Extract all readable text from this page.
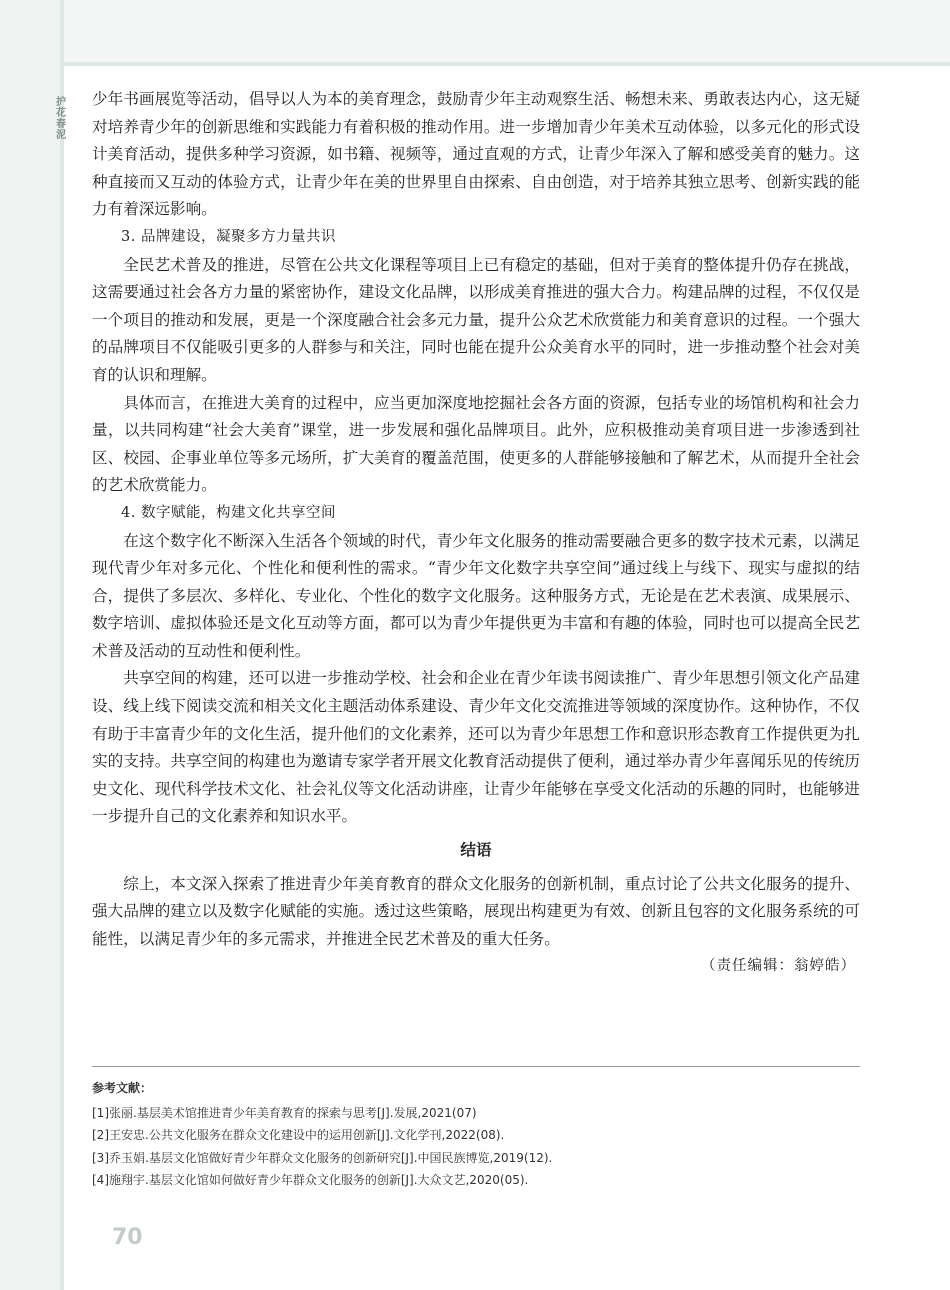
护花春泥

少年书画展览等活动，倡导以人为本的美育理念，鼓励青少年主动观察生活、畅想未来、勇敢表达内心，这无疑对培养青少年的创新思维和实践能力有着积极的推动作用。进一步增加青少年美术互动体验，以多元化的形式设计美育活动，提供多种学习资源，如书籍、视频等，通过直观的方式，让青少年深入了解和感受美育的魅力。这种直接而又互动的体验方式，让青少年在美的世界里自由探索、自由创造，对于培养其独立思考、创新实践的能力有着深远影响。

3. 品牌建设，凝聚多方力量共识

全民艺术普及的推进，尽管在公共文化课程等项目上已有稳定的基础，但对于美育的整体提升仍存在挑战，这需要通过社会各方力量的紧密协作，建设文化品牌，以形成美育推进的强大合力。构建品牌的过程，不仅仅是一个项目的推动和发展，更是一个深度融合社会多元力量，提升公众艺术欣赏能力和美育意识的过程。一个强大的品牌项目不仅能吸引更多的人群参与和关注，同时也能在提升公众美育水平的同时，进一步推动整个社会对美育的认识和理解。

具体而言，在推进大美育的过程中，应当更加深度地挖掘社会各方面的资源，包括专业的场馆机构和社会力量，以共同构建“社会大美育”课堂，进一步发展和强化品牌项目。此外，应积极推动美育项目进一步渗透到社区、校园、企事业单位等多元场所，扩大美育的覆盖范围，使更多的人群能够接触和了解艺术，从而提升全社会的艺术欣赏能力。

4. 数字赋能，构建文化共享空间

在这个数字化不断深入生活各个领域的时代，青少年文化服务的推动需要融合更多的数字技术元素，以满足现代青少年对多元化、个性化和便利性的需求。“青少年文化数字共享空间”通过线上与线下、现实与虚拟的结合，提供了多层次、多样化、专业化、个性化的数字文化服务。这种服务方式，无论是在艺术表演、成果展示、数字培训、虚拟体验还是文化互动等方面，都可以为青少年提供更为丰富和有趣的体验，同时也可以提高全民艺术普及活动的互动性和便利性。

共享空间的构建，还可以进一步推动学校、社会和企业在青少年读书阅读推广、青少年思想引领文化产品建设、线上线下阅读交流和相关文化主题活动体系建设、青少年文化交流推进等领域的深度协作。这种协作，不仅有助于丰富青少年的文化生活，提升他们的文化素养，还可以为青少年思想工作和意识形态教育工作提供更为扎实的支持。共享空间的构建也为邀请专家学者开展文化教育活动提供了便利，通过举办青少年喜闻乐见的传统历史文化、现代科学技术文化、社会礼仪等文化活动讲座，让青少年能够在享受文化活动的乐趣的同时，也能够进一步提升自己的文化素养和知识水平。

结语

综上，本文深入探索了推进青少年美育教育的群众文化服务的创新机制，重点讨论了公共文化服务的提升、强大品牌的建立以及数字化赋能的实施。透过这些策略，展现出构建更为有效、创新且包容的文化服务系统的可能性，以满足青少年的多元需求，并推进全民艺术普及的重大任务。

（责任编辑：翁婷皓）
参考文献：
[1]张丽.基层美术馆推进青少年美育教育的探索与思考[J].发展,2021(07)
[2]王安忠.公共文化服务在群众文化建设中的运用创新[J].文化学刊,2022(08).
[3]乔玉娟.基层文化馆做好青少年群众文化服务的创新研究[J].中国民族博览,2019(12).
[4]施翔宇.基层文化馆如何做好青少年群众文化服务的创新[J].大众文艺,2020(05).
70
